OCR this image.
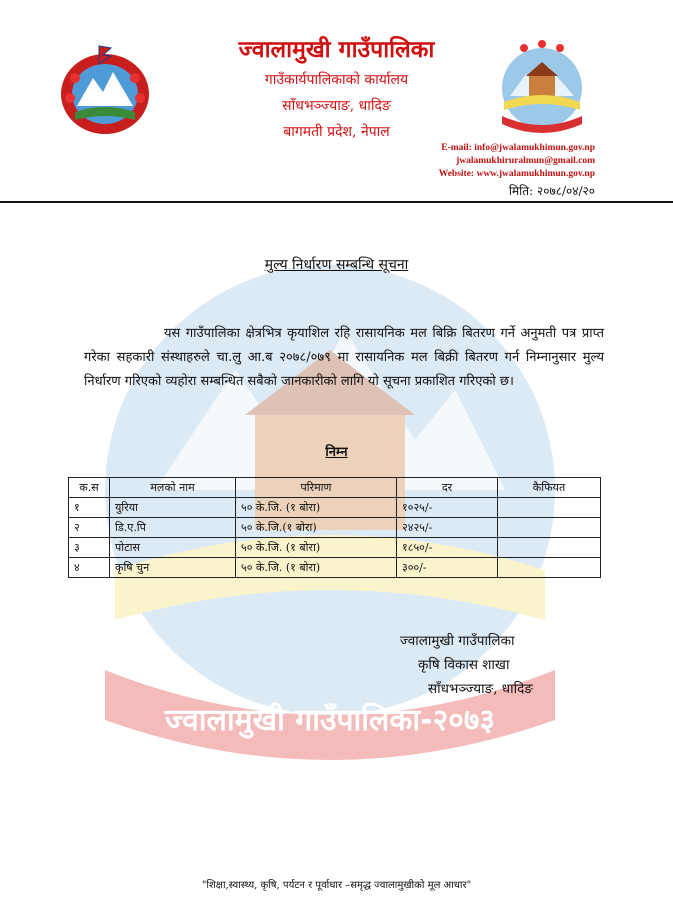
ज्वालामुखी गाउँपालिका-२०७३
ज्वालामुखी गाउँपालिका
गाउँकार्यपालिकाको कार्यालय
साँधभञ्ज्याङ, धादिङ
बागमती प्रदेश, नेपाल
E-mail: info@jwalamukhimun.gov.np
jwalamukhiruralmun@gmail.com
Website: www.jwalamukhimun.gov.np
मिति: २०७८/०४/२०
मुल्य निर्धारण सम्बन्धि सूचना
यस गाउँपालिका क्षेत्रभित्र कृयाशिल रहि रासायनिक मल बिक्रि बितरण गर्ने अनुमती पत्र प्राप्त गरेका सहकारी संस्थाहरुले चा.लु आ.ब २०७८/०७९ मा रासायनिक मल बिक्री बितरण गर्न निम्नानुसार मुल्य निर्धारण गरिएको व्यहोरा सम्बन्धित सबैको जानकारीको लागि यो सूचना प्रकाशित गरिएको छ।
निम्न
क.स	मलको नाम	परिमाण	दर	कैफियत
१	युरिया	५० के.जि. (१ बोरा)	१०२५/-	
२	डि.ए.पि	५० के.जि.(१ बोरा)	२४२५/-	
३	पोटास	५० के.जि. (१ बोरा)	१८५०/-	
४	कृषि चुन	५० के.जि. (१ बोरा)	३००/-	
ज्वालामुखी गाउँपालिका
कृषि विकास शाखा
साँधभञ्ज्याङ, धादिङ
"शिक्षा,स्वास्थ्य, कृषि, पर्यटन र पूर्वाधार –समृद्ध ज्वालामुखीको मूल आधार"
